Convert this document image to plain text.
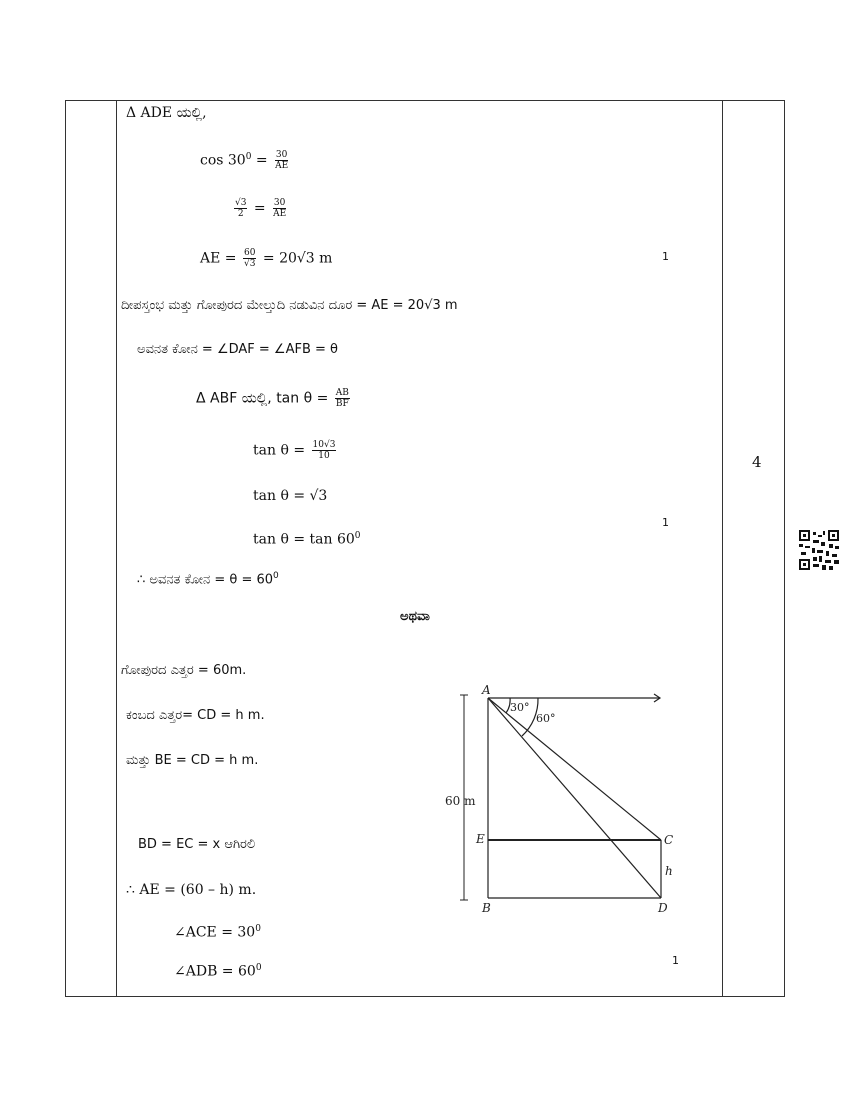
4
Δ ADE ಯಲ್ಲಿ,
$\cos 30^0 = \frac{30}{AE}$
$\frac{√3}{2} = \frac{30}{AE}$
AE = $\frac{60}{√3} = 20√3$ m	1
ದೀಪಸ್ತಂಭ ಮತ್ತು ಗೋಪುರದ ಮೇಲ್ತುದಿ ನಡುವಿನ ದೂರ = AE = 20√3 m
ಅವನತ ಕೋನ = ∠DAF = ∠AFB = θ
Δ ABF ಯಲ್ಲಿ, $\tan \theta = \frac{AB}{BF}$
$\tan \theta = \frac{10√3}{10}$
tan θ = √3
$\tan \theta = \tan 60^0$
1
∴ ಅವನತ ಕೋನ = $\theta = 60^0$
ಅಥವಾ
ಗೋಪುರದ ಎತ್ತರ = 60m.
ಕಂಬದ ಎತ್ತರ= CD = h m.
ಮತ್ತು BE = CD = h m.
BD = EC = x ಆಗಿರಲಿ
∴ AE = (60 – h) m.
∠ACE = $30^0$
∠ADB = $60^0$
1
A
B
C
D
E
30°
60°
60 m
h
